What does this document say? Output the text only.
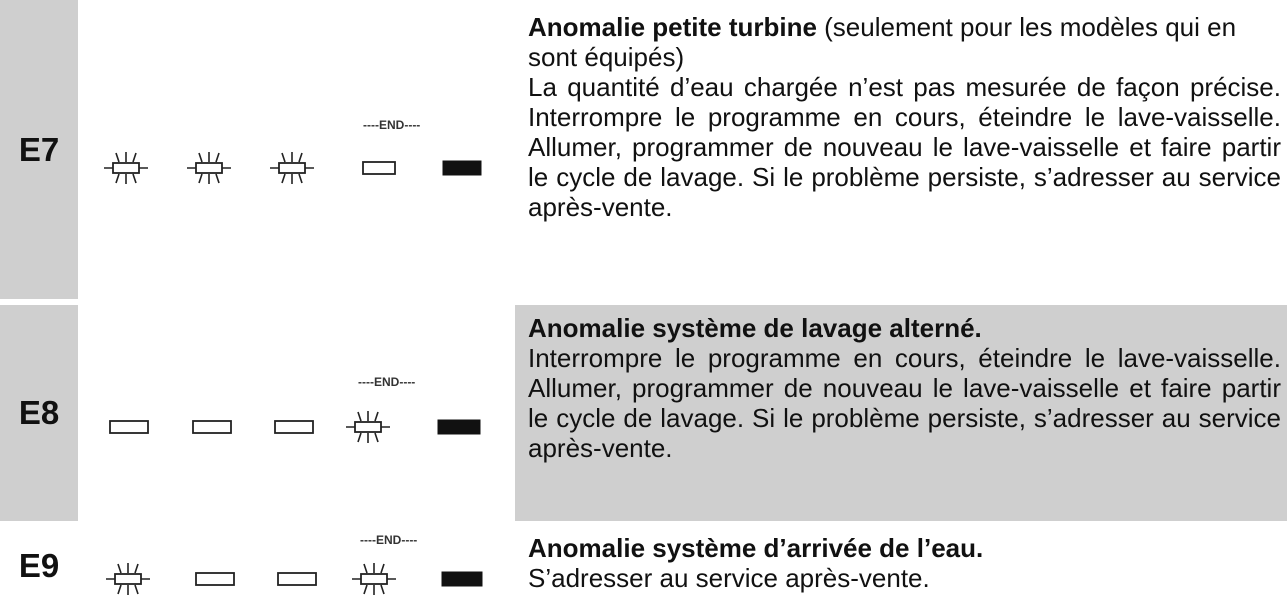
E7
----END----
Anomalie petite turbine (seulement pour les modèles qui en sont équipés)
La quantité d’eau chargée n’est pas mesurée de façon précise. Interrompre le programme en cours, éteindre le lave-vaisselle. Allumer, programmer de nouveau le lave-vaisselle et faire partir le cycle de lavage. Si le problème persiste, s’adresser au service après-vente.
E8
----END----
Anomalie système de lavage alterné.
Interrompre le programme en cours, éteindre le lave-vaisselle. Allumer, programmer de nouveau le lave-vaisselle et faire partir le cycle de lavage. Si le problème persiste, s’adresser au service après-vente.
E9
----END----	Anomalie système d’arrivée de l’eau.
S’adresser au service après-vente.
